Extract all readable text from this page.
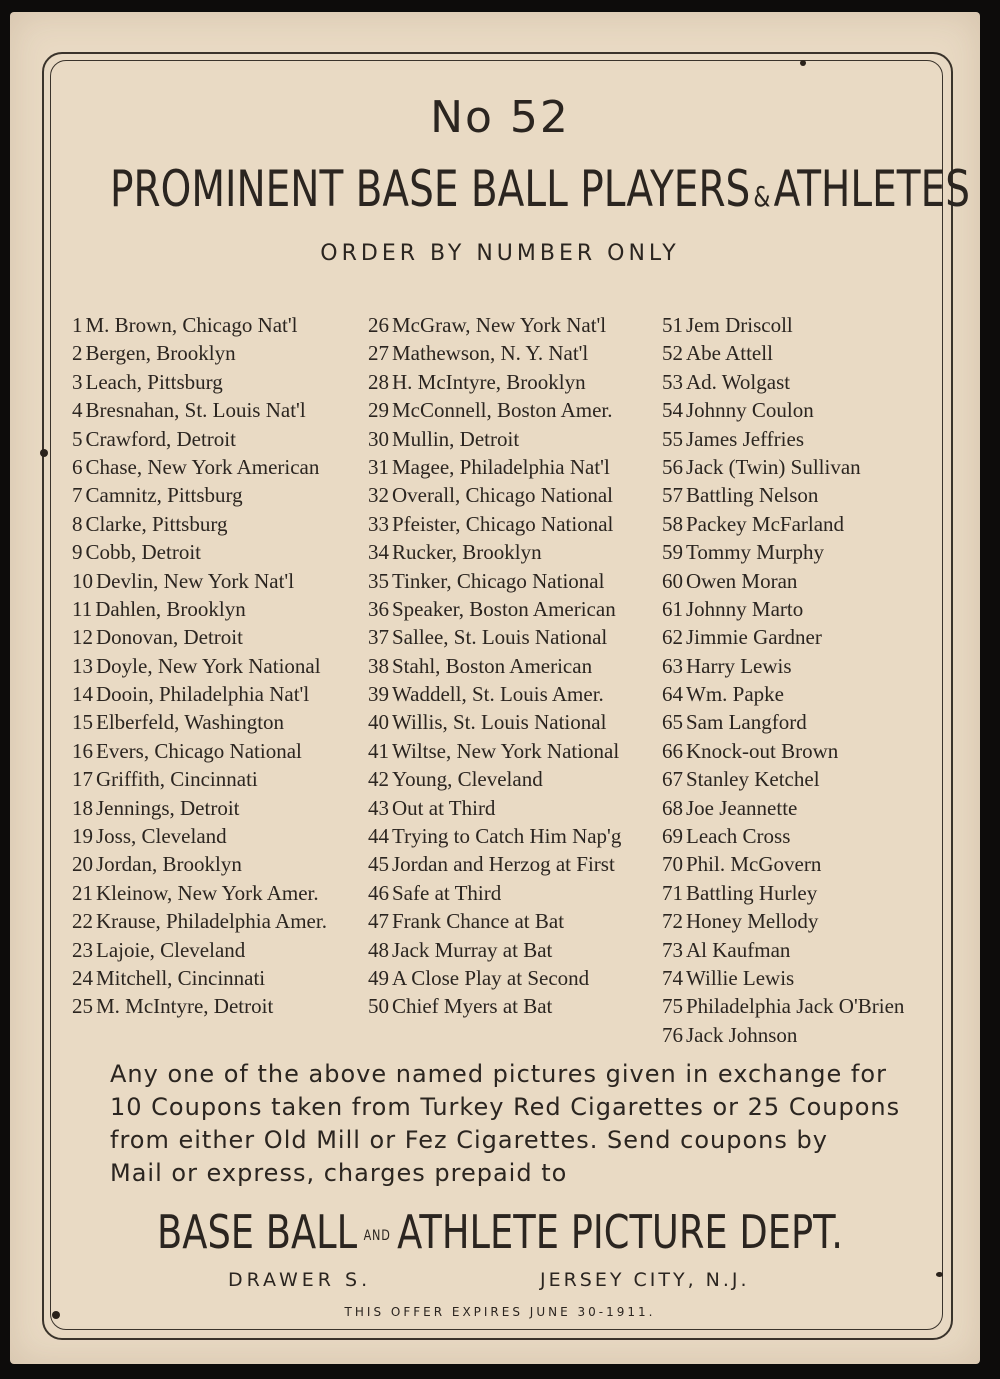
No 52
PROMINENT BASE BALL PLAYERS &ATHLETES
ORDER BY NUMBER ONLY
1 M. Brown, Chicago Nat'l
2 Bergen, Brooklyn
3 Leach, Pittsburg
4 Bresnahan, St. Louis Nat'l
5 Crawford, Detroit
6 Chase, New York American
7 Camnitz, Pittsburg
8 Clarke, Pittsburg
9 Cobb, Detroit
10 Devlin, New York Nat'l
11 Dahlen, Brooklyn
12 Donovan, Detroit
13 Doyle, New York National
14 Dooin, Philadelphia Nat'l
15 Elberfeld, Washington
16 Evers, Chicago National
17 Griffith, Cincinnati
18 Jennings, Detroit
19 Joss, Cleveland
20 Jordan, Brooklyn
21 Kleinow, New York Amer.
22 Krause, Philadelphia Amer.
23 Lajoie, Cleveland
24 Mitchell, Cincinnati
25 M. McIntyre, Detroit
26 McGraw, New York Nat'l
27 Mathewson, N. Y. Nat'l
28 H. McIntyre, Brooklyn
29 McConnell, Boston Amer.
30 Mullin, Detroit
31 Magee, Philadelphia Nat'l
32 Overall, Chicago National
33 Pfeister, Chicago National
34 Rucker, Brooklyn
35 Tinker, Chicago National
36 Speaker, Boston American
37 Sallee, St. Louis National
38 Stahl, Boston American
39 Waddell, St. Louis Amer.
40 Willis, St. Louis National
41 Wiltse, New York National
42 Young, Cleveland
43 Out at Third
44 Trying to Catch Him Nap'g
45 Jordan and Herzog at First
46 Safe at Third
47 Frank Chance at Bat
48 Jack Murray at Bat
49 A Close Play at Second
50 Chief Myers at Bat
51 Jem Driscoll
52 Abe Attell
53 Ad. Wolgast
54 Johnny Coulon
55 James Jeffries
56 Jack (Twin) Sullivan
57 Battling Nelson
58 Packey McFarland
59 Tommy Murphy
60 Owen Moran
61 Johnny Marto
62 Jimmie Gardner
63 Harry Lewis
64 Wm. Papke
65 Sam Langford
66 Knock-out Brown
67 Stanley Ketchel
68 Joe Jeannette
69 Leach Cross
70 Phil. McGovern
71 Battling Hurley
72 Honey Mellody
73 Al Kaufman
74 Willie Lewis
75 Philadelphia Jack O'Brien
76 Jack Johnson

Any one of the above named pictures given in exchange for

10 Coupons taken from Turkey Red Cigarettes or 25 Coupons

from either Old Mill or Fez Cigarettes. Send coupons by

Mail or express, charges prepaid to

BASE BALL AND ATHLETE PICTURE DEPT.
DRAWER S.	JERSEY CITY, N.J.
THIS OFFER EXPIRES JUNE 30-1911.
